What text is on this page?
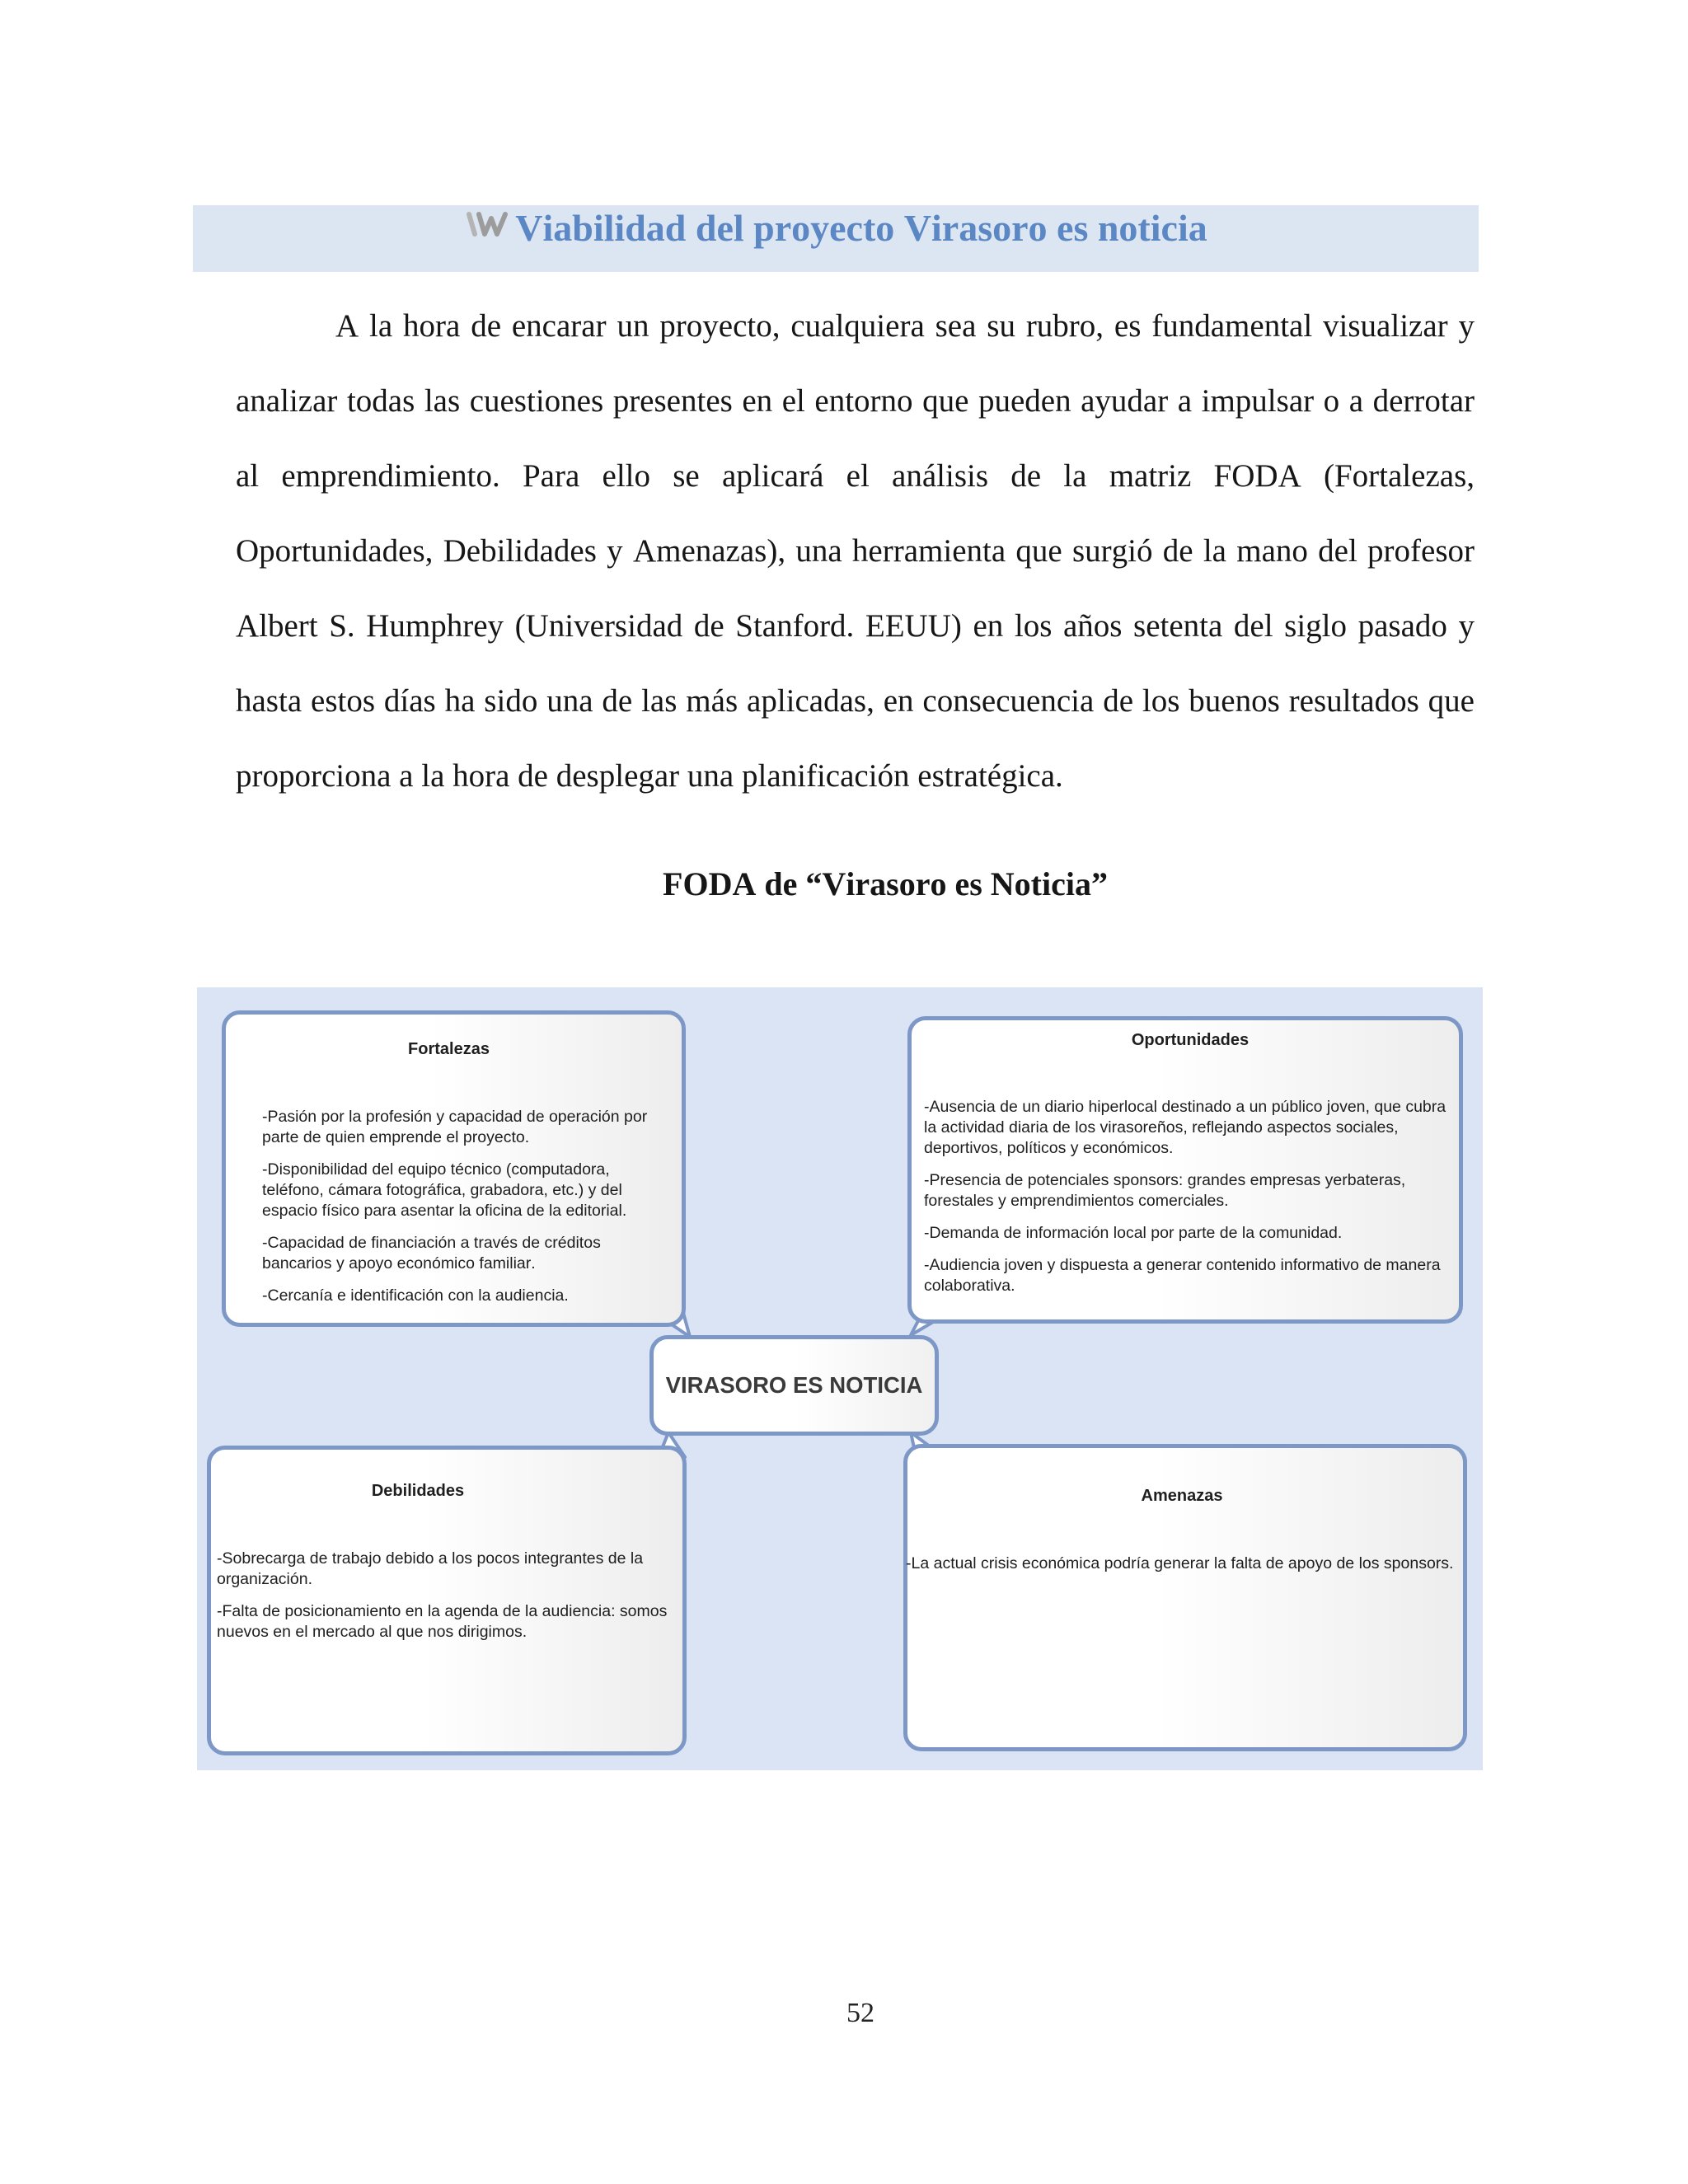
Viabilidad del proyecto Virasoro es noticia

A la hora de encarar un proyecto, cualquiera sea su rubro, es fundamental visualizar y analizar todas las cuestiones presentes en el entorno que pueden ayudar a impulsar o a derrotar al emprendimiento. Para ello se aplicará el análisis de la matriz FODA (Fortalezas, Oportunidades, Debilidades y Amenazas), una herramienta que surgió de la mano del profesor Albert S. Humphrey (Universidad de Stanford. EEUU) en los años setenta del siglo pasado y hasta estos días ha sido una de las más aplicadas, en consecuencia de los buenos resultados que proporciona a la hora de desplegar una planificación estratégica.

FODA de “Virasoro es Noticia”
Fortalezas

-Pasión por la profesión y capacidad de operación por parte de quien emprende el proyecto.

-Disponibilidad del equipo técnico (computadora, teléfono, cámara fotográfica, grabadora, etc.) y del espacio físico para asentar la oficina de la editorial.

-Capacidad de financiación a través de créditos bancarios y apoyo económico familiar.

-Cercanía e identificación con la audiencia.

Oportunidades

-Ausencia de un diario hiperlocal destinado a un público joven, que cubra la actividad diaria de los virasoreños, reflejando aspectos sociales, deportivos, políticos y económicos.

-Presencia de potenciales sponsors: grandes empresas yerbateras, forestales y emprendimientos comerciales.

-Demanda de información local por parte de la comunidad.

-Audiencia joven y dispuesta a generar contenido informativo de manera colaborativa.

VIRASORO ES NOTICIA
Debilidades

-Sobrecarga de trabajo debido a los pocos integrantes de la organización.

-Falta de posicionamiento en la agenda de la audiencia: somos nuevos en el mercado al que nos dirigimos.

Amenazas

-La actual crisis económica podría generar la falta de apoyo de los sponsors.

52
